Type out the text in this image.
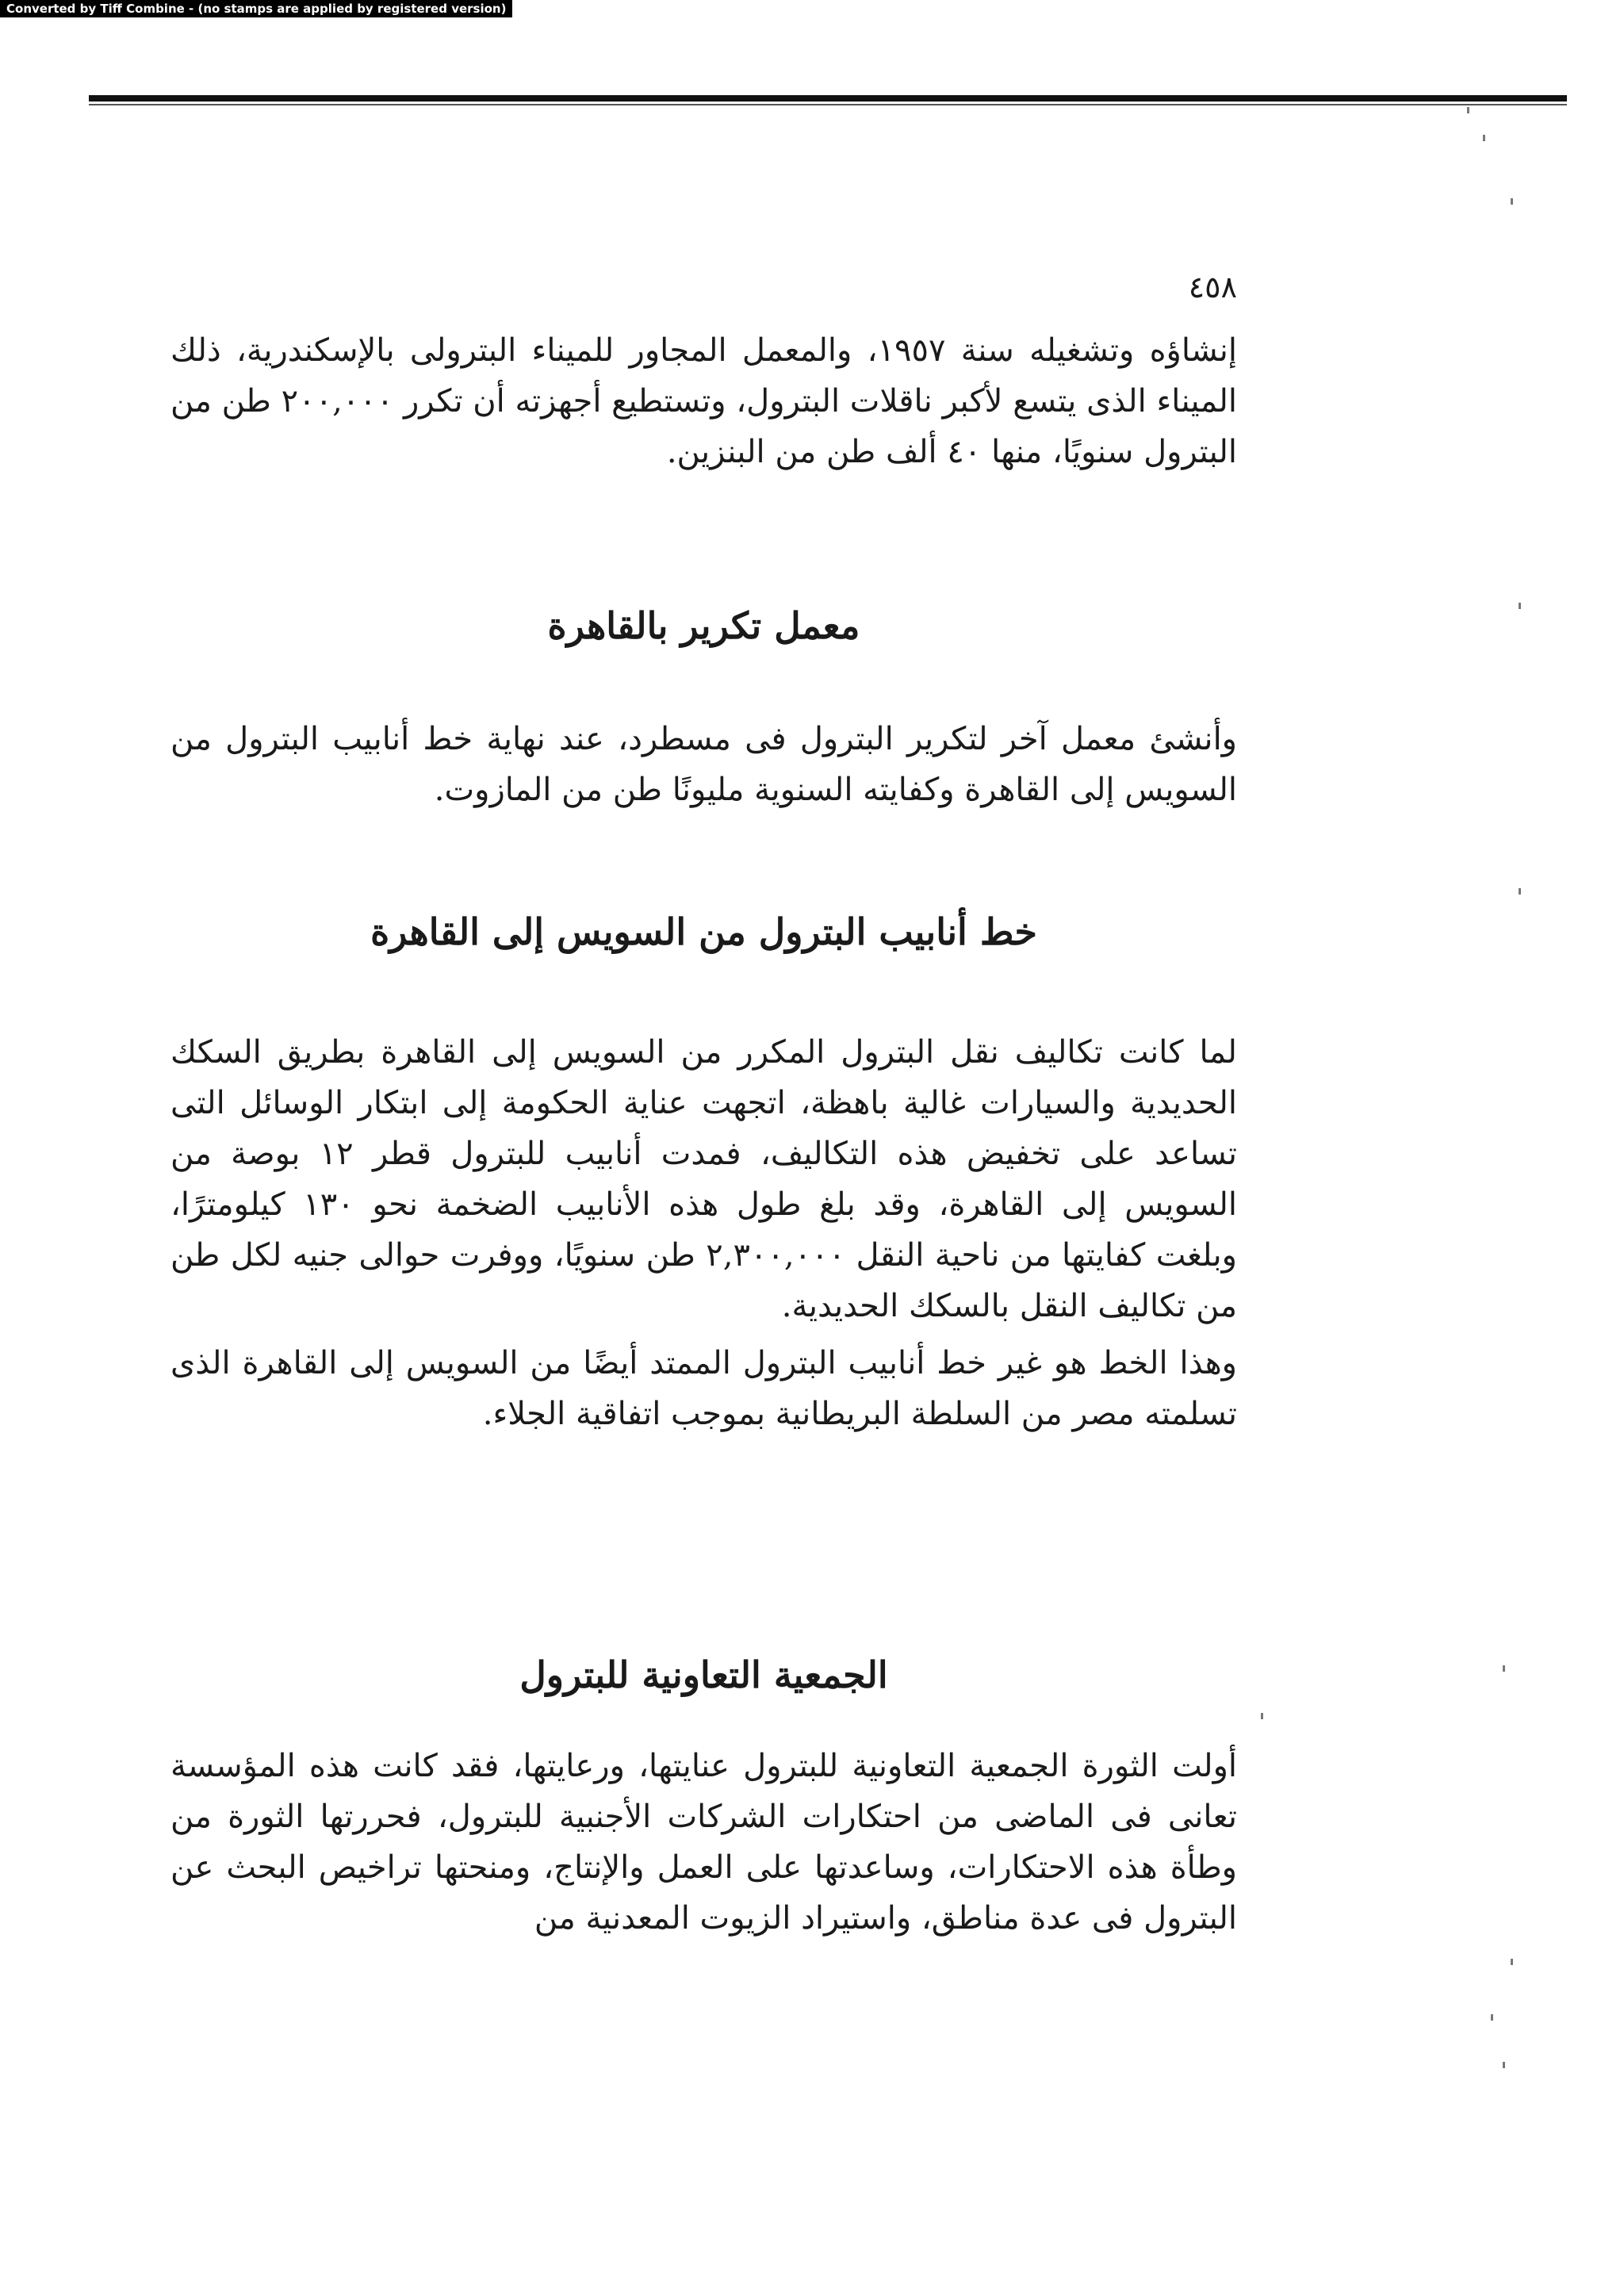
Converted by Tiff Combine - (no stamps are applied by registered version)
٤٥٨

إنشاؤه وتشغيله سنة ١٩٥٧، والمعمل المجاور للميناء البترولى بالإسكندرية، ذلك الميناء الذى يتسع لأكبر ناقلات البترول، وتستطيع أجهزته أن تكرر ٢٠٠,٠٠٠ طن من البترول سنويًا، منها ٤٠ ألف طن من البنزين.

معمل تكرير بالقاهرة

وأنشئ معمل آخر لتكرير البترول فى مسطرد، عند نهاية خط أنابيب البترول من السويس إلى القاهرة وكفايته السنوية مليونًا طن من المازوت.

خط أنابيب البترول من السويس إلى القاهرة

لما كانت تكاليف نقل البترول المكرر من السويس إلى القاهرة بطريق السكك الحديدية والسيارات غالية باهظة، اتجهت عناية الحكومة إلى ابتكار الوسائل التى تساعد على تخفيض هذه التكاليف، فمدت أنابيب للبترول قطر ١٢ بوصة من السويس إلى القاهرة، وقد بلغ طول هذه الأنابيب الضخمة نحو ١٣٠ كيلومترًا، وبلغت كفايتها من ناحية النقل ٢,٣٠٠,٠٠٠ طن سنويًا، ووفرت حوالى جنيه لكل طن من تكاليف النقل بالسكك الحديدية.

وهذا الخط هو غير خط أنابيب البترول الممتد أيضًا من السويس إلى القاهرة الذى تسلمته مصر من السلطة البريطانية بموجب اتفاقية الجلاء.

الجمعية التعاونية للبترول

أولت الثورة الجمعية التعاونية للبترول عنايتها، ورعايتها، فقد كانت هذه المؤسسة تعانى فى الماضى من احتكارات الشركات الأجنبية للبترول، فحررتها الثورة من وطأة هذه الاحتكارات، وساعدتها على العمل والإنتاج، ومنحتها تراخيص البحث عن البترول فى عدة مناطق، واستيراد الزيوت المعدنية من
